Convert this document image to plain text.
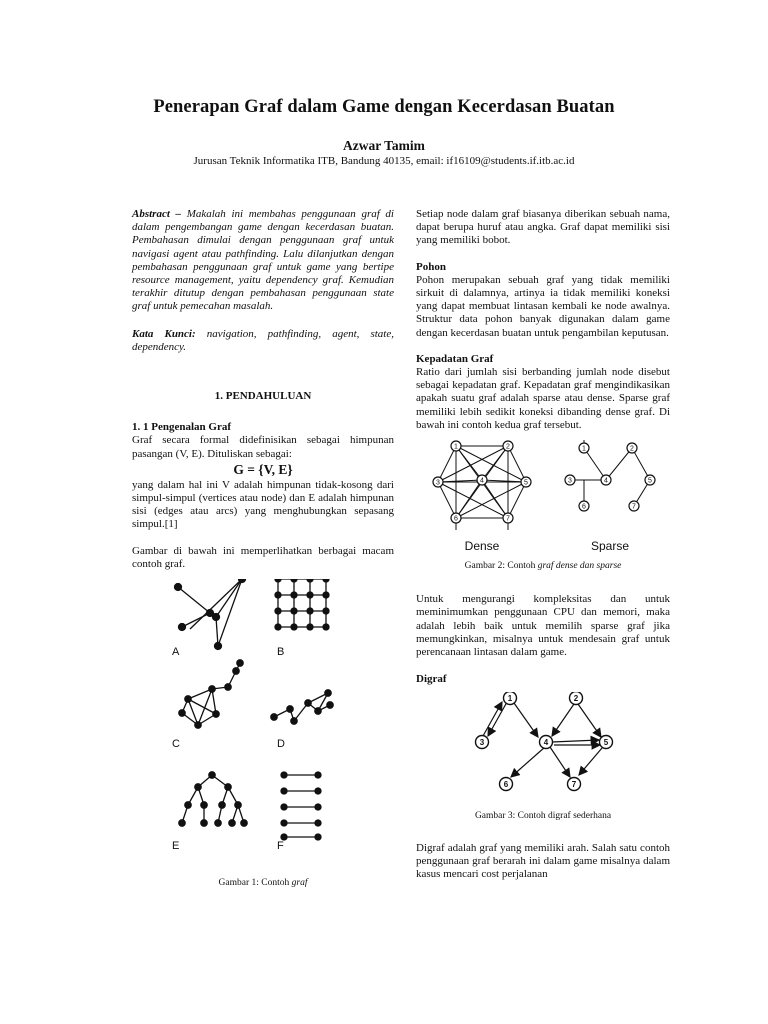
Penerapan Graf dalam Game dengan Kecerdasan Buatan
Azwar Tamim
Jurusan Teknik Informatika ITB, Bandung 40135, email: if16109@students.if.itb.ac.id

Abstract – Makalah ini membahas penggunaan graf di dalam pengembangan game dengan kecerdasan buatan. Pembahasan dimulai dengan penggunaan graf untuk navigasi agent atau pathfinding. Lalu dilanjutkan dengan pembahasan penggunaan graf untuk game yang bertipe resource management, yaitu dependency graf. Kemudian terakhir ditutup dengan pembahasan penggunaan state graf untuk pemecahan masalah.

Kata Kunci: navigation, pathfinding, agent, state, dependency.

1. PENDAHULUAN
1. 1 Pengenalan Graf

Graf secara formal didefinisikan sebagai himpunan pasangan (V, E). Dituliskan sebagai:

G = {V, E}

yang dalam hal ini V adalah himpunan tidak-kosong dari simpul-simpul (vertices atau node) dan E adalah himpunan sisi (edges atau arcs) yang menghubungkan sepasang simpul.[1]

Gambar di bawah ini memperlihatkan berbagai macam contoh graf.

A	B
C	D
E	F
Gambar 1: Contoh graf

Setiap node dalam graf biasanya diberikan sebuah nama, dapat berupa huruf atau angka. Graf dapat memiliki sisi yang memiliki bobot.

Pohon

Pohon merupakan sebuah graf yang tidak memiliki sirkuit di dalamnya, artinya ia tidak memiliki koneksi yang dapat membuat lintasan kembali ke node awalnya. Struktur data pohon banyak digunakan dalam game dengan kecerdasan buatan untuk pengambilan keputusan.

Kepadatan Graf

Ratio dari jumlah sisi berbanding jumlah node disebut sebagai kepadatan graf. Kepadatan graf mengindikasikan apakah suatu graf adalah sparse atau dense. Sparse graf memiliki lebih sedikit koneksi dibanding dense graf. Di bawah ini contoh kedua graf tersebut.

1	2
3	4	5
6	7
Dense
1	2
3	4	5
6	7
Sparse
Gambar 2: Contoh graf dense dan sparse

Untuk mengurangi kompleksitas dan untuk meminimumkan penggunaan CPU dan memori, maka adalah lebih baik untuk memilih sparse graf jika memungkinkan, misalnya untuk mendesain graf untuk perencanaan lintasan dalam game.

Digraf
1	2
3	4	5
6	7
Gambar 3: Contoh digraf sederhana

Digraf adalah graf yang memiliki arah. Salah satu contoh penggunaan graf berarah ini dalam game misalnya dalam kasus mencari cost perjalanan
